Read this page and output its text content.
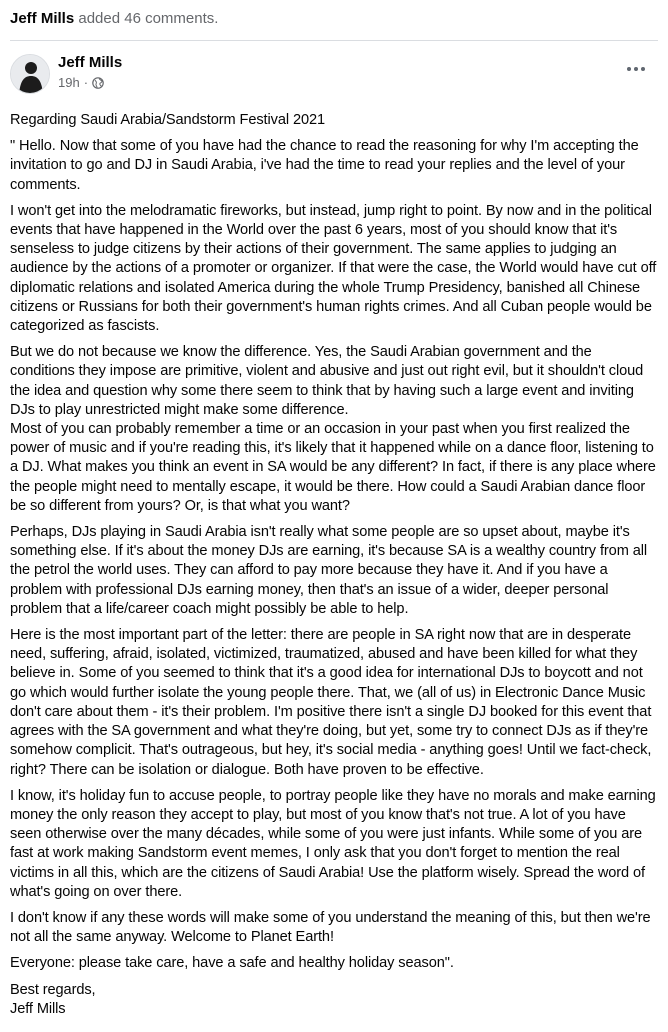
Jeff Mills added 46 comments.
Jeff Mills
19h ·

Regarding Saudi Arabia/Sandstorm Festival 2021

" Hello. Now that some of you have had the chance to read the reasoning for why I'm accepting the invitation to go and DJ in Saudi Arabia, i've had the time to read your replies and the level of your comments.

I won't get into the melodramatic fireworks, but instead, jump right to point. By now and in the political events that have happened in the World over the past 6 years, most of you should know that it's senseless to judge citizens by their actions of their government. The same applies to judging an audience by the actions of a promoter or organizer. If that were the case, the World would have cut off diplomatic relations and isolated America during the whole Trump Presidency, banished all Chinese citizens or Russians for both their government's human rights crimes. And all Cuban people would be categorized as fascists.

But we do not because we know the difference. Yes, the Saudi Arabian government and the conditions they impose are primitive, violent and abusive and just out right evil, but it shouldn't cloud the idea and question why some there seem to think that by having such a large event and inviting DJs to play unrestricted might make some difference.
Most of you can probably remember a time or an occasion in your past when you first realized the power of music and if you're reading this, it's likely that it happened while on a dance floor, listening to a DJ. What makes you think an event in SA would be any different? In fact, if there is any place where the people might need to mentally escape, it would be there. How could a Saudi Arabian dance floor be so different from yours? Or, is that what you want?

Perhaps, DJs playing in Saudi Arabia isn't really what some people are so upset about, maybe it's something else. If it's about the money DJs are earning, it's because SA is a wealthy country from all the petrol the world uses. They can afford to pay more because they have it. And if you have a problem with professional DJs earning money, then that's an issue of a wider, deeper personal problem that a life/career coach might possibly be able to help.

Here is the most important part of the letter: there are people in SA right now that are in desperate need, suffering, afraid, isolated, victimized, traumatized, abused and have been killed for what they believe in. Some of you seemed to think that it's a good idea for international DJs to boycott and not go which would further isolate the young people there. That, we (all of us) in Electronic Dance Music don't care about them - it's their problem. I'm positive there isn't a single DJ booked for this event that agrees with the SA government and what they're doing, but yet, some try to connect DJs as if they're somehow complicit. That's outrageous, but hey, it's social media - anything goes! Until we fact-check, right? There can be isolation or dialogue. Both have proven to be effective.

I know, it's holiday fun to accuse people, to portray people like they have no morals and make earning money the only reason they accept to play, but most of you know that's not true. A lot of you have seen otherwise over the many décades, while some of you were just infants. While some of you are fast at work making Sandstorm event memes, I only ask that you don't forget to mention the real victims in all this, which are the citizens of Saudi Arabia! Use the platform wisely. Spread the word of what's going on over there.

I don't know if any these words will make some of you understand the meaning of this, but then we're not all the same anyway. Welcome to Planet Earth!

Everyone: please take care, have a safe and healthy holiday season".

Best regards,
Jeff Mills
